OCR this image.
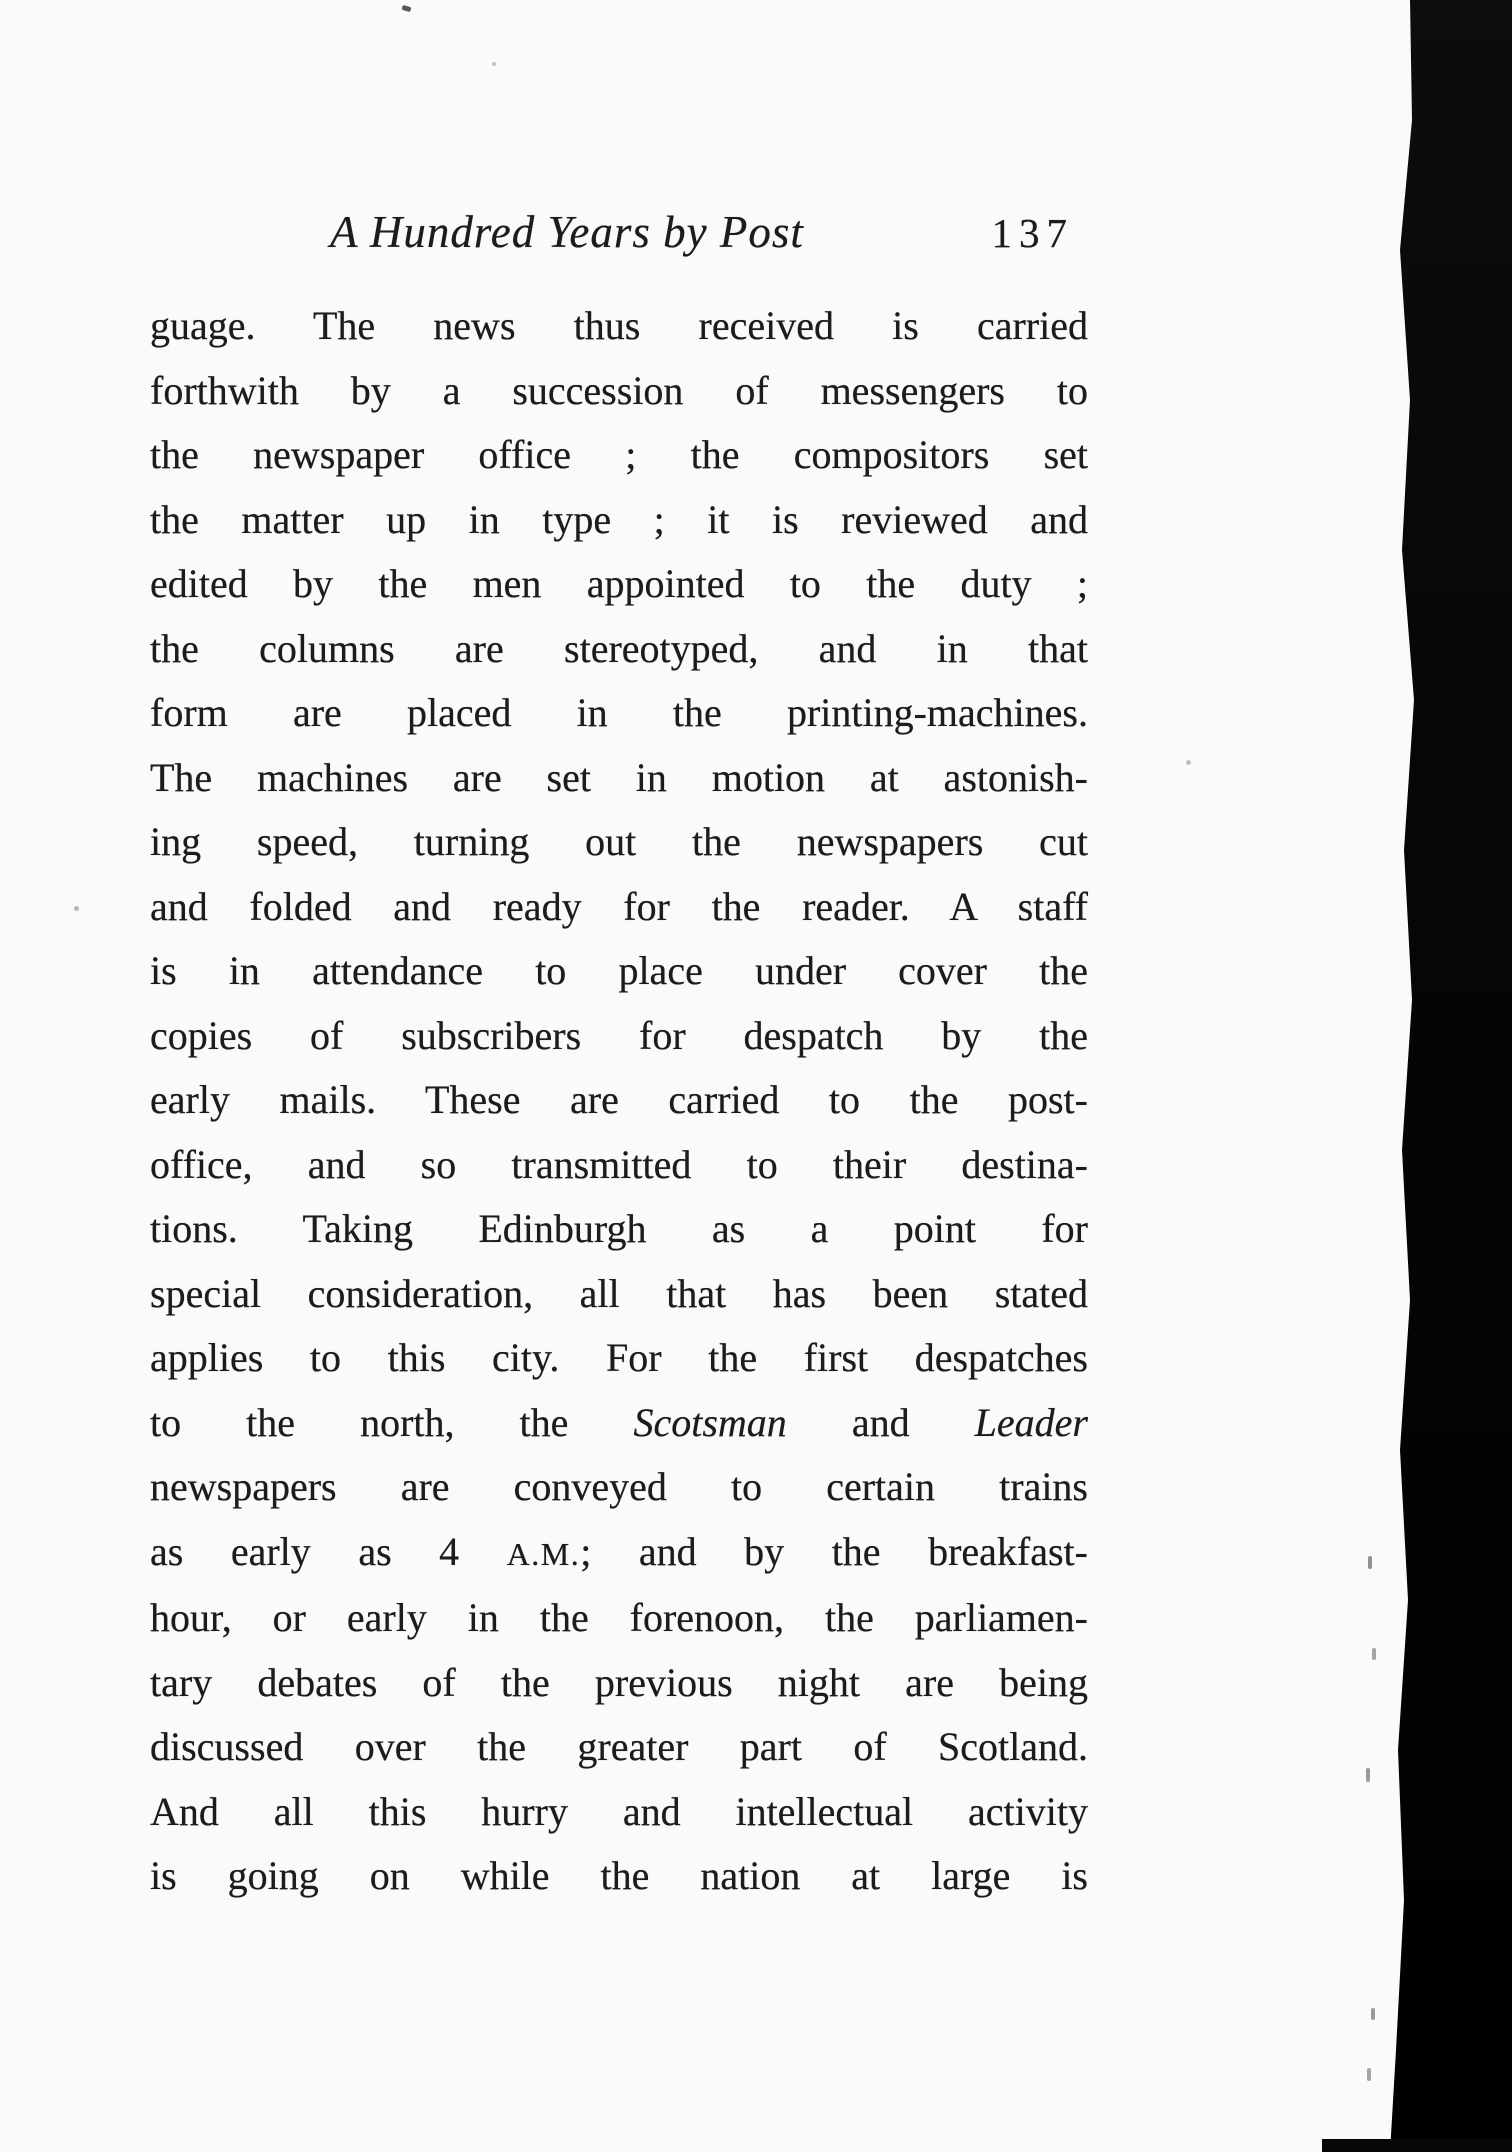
A Hundred Years by Post	137
guage. The news thus received is carried
forthwith by a succession of messengers to
the newspaper office ; the compositors set
the matter up in type ; it is reviewed and
edited by the men appointed to the duty ;
the columns are stereotyped, and in that
form are placed in the printing-machines.
The machines are set in motion at astonish-
ing speed, turning out the newspapers cut
and folded and ready for the reader. A staff
is in attendance to place under cover the
copies of subscribers for despatch by the
early mails. These are carried to the post-
office, and so transmitted to their destina-
tions. Taking Edinburgh as a point for
special consideration, all that has been stated
applies to this city. For the first despatches
to the north, the Scotsman and Leader
newspapers are conveyed to certain trains
as early as 4 A.M.; and by the breakfast-
hour, or early in the forenoon, the parliamen-
tary debates of the previous night are being
discussed over the greater part of Scotland.
And all this hurry and intellectual activity
is going on while the nation at large is
